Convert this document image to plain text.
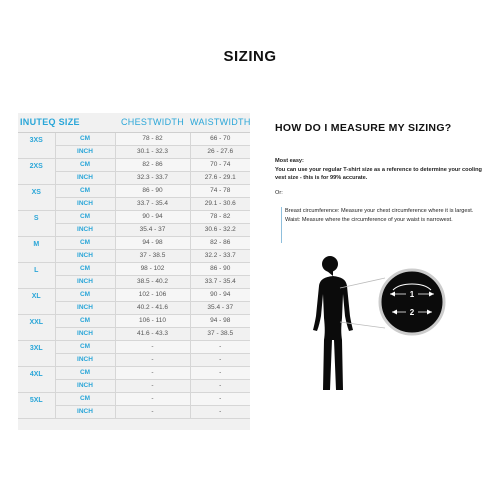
SIZING
INUTEQ SIZE		CHESTWIDTH	WAISTWIDTH
3XS	CM	78 - 82	66 - 70
	INCH	30.1 - 32.3	26 - 27.6
2XS	CM	82 - 86	70 - 74
	INCH	32.3 - 33.7	27.6 - 29.1
XS	CM	86 - 90	74 - 78
	INCH	33.7 - 35.4	29.1 - 30.6
S	CM	90 - 94	78 - 82
	INCH	35.4 - 37	30.6 - 32.2
M	CM	94 - 98	82 - 86
	INCH	37 - 38.5	32.2 - 33.7
L	CM	98 - 102	86 - 90
	INCH	38.5 - 40.2	33.7 - 35.4
XL	CM	102 - 106	90 - 94
	INCH	40.2 - 41.6	35.4 - 37
XXL	CM	106 - 110	94 - 98
	INCH	41.6 - 43.3	37 - 38.5
3XL	CM	-	-
	INCH	-	-
4XL	CM	-	-
	INCH	-	-
5XL	CM	-	-
	INCH	-	-
HOW DO I MEASURE MY SIZING?
Most easy:
You can use your regular T-shirt size as a reference to determine your cooling vest size - this is for 99% accurate.
Or:
Breast circumference: Measure your chest circumference where it is largest.
Waist: Measure where the circumference of your waist is narrowest.
1
2
